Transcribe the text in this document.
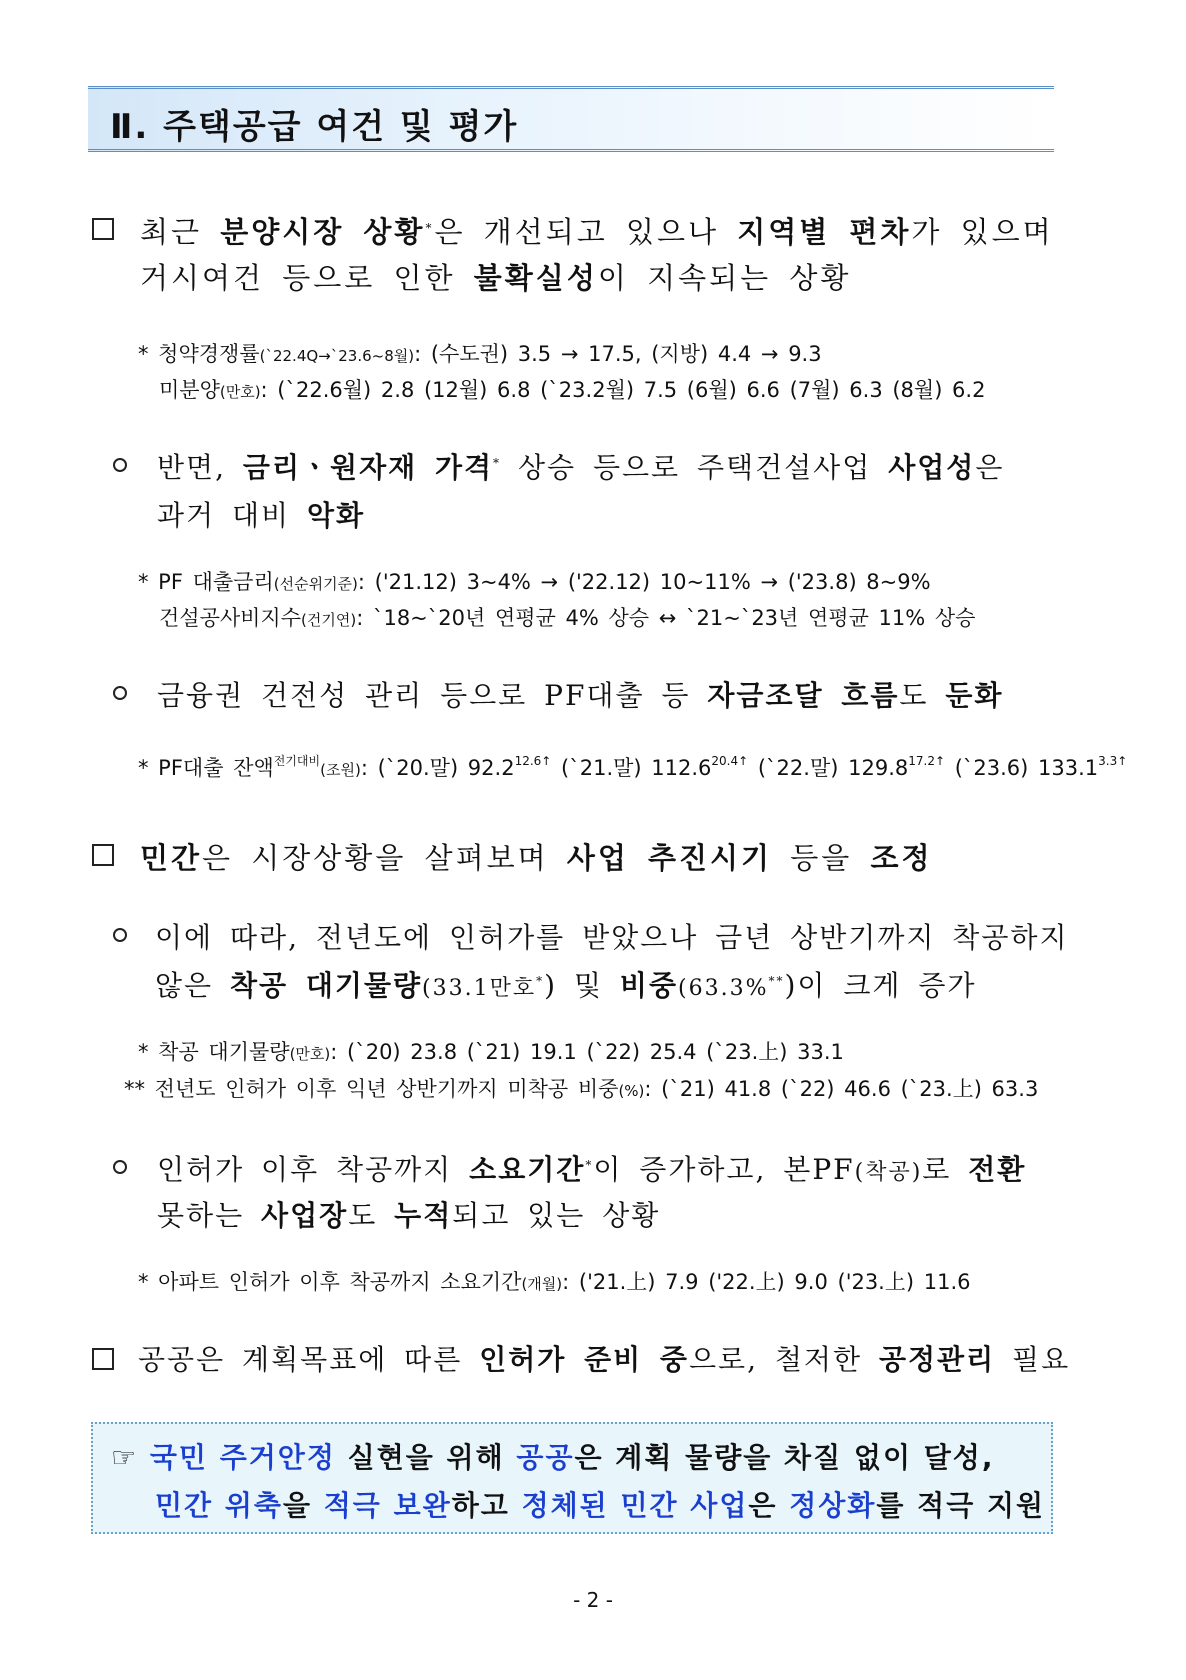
Ⅱ. 주택공급 여건 및 평가
최근 분양시장 상황*은 개선되고 있으나 지역별 편차가 있으며
거시여건 등으로 인한 불확실성이 지속되는 상황
* 청약경쟁률(`22.4Q→`23.6~8월): (수도권) 3.5 → 17.5, (지방) 4.4 → 9.3
미분양(만호): (`22.6월) 2.8 (12월) 6.8 (`23.2월) 7.5 (6월) 6.6 (7월) 6.3 (8월) 6.2
반면, 금리ㆍ원자재 가격* 상승 등으로 주택건설사업 사업성은
과거 대비 악화
* PF 대출금리(선순위기준): ('21.12) 3~4% → ('22.12) 10~11% → ('23.8) 8~9%
건설공사비지수(건기연): `18~`20년 연평균 4% 상승 ↔ `21~`23년 연평균 11% 상승
금융권 건전성 관리 등으로 PF대출 등 자금조달 흐름도 둔화
* PF대출 잔액$^{전기대비}$(조원): (`20.말) $92.2^{12.6↑}$ (`21.말) $112.6^{20.4↑}$ (`22.말) $129.8^{17.2↑}$ (`23.6) $133.1^{3.3↑}$
민간은 시장상황을 살펴보며 사업 추진시기 등을 조정
이에 따라, 전년도에 인허가를 받았으나 금년 상반기까지 착공하지
않은 착공 대기물량(33.1만호*) 및 비중(63.3%**)이 크게 증가
* 착공 대기물량(만호): (`20) 23.8 (`21) 19.1 (`22) 25.4 (`23.上) 33.1
** 전년도 인허가 이후 익년 상반기까지 미착공 비중(%): (`21) 41.8 (`22) 46.6 (`23.上) 63.3
인허가 이후 착공까지 소요기간*이 증가하고, 본PF(착공)로 전환
못하는 사업장도 누적되고 있는 상황
* 아파트 인허가 이후 착공까지 소요기간(개월): ('21.上) 7.9 ('22.上) 9.0 ('23.上) 11.6
공공은 계획목표에 따른 인허가 준비 중으로, 철저한 공정관리 필요
☞ 국민 주거안정 실현을 위해 공공은 계획 물량을 차질 없이 달성,
민간 위축을 적극 보완하고 정체된 민간 사업은 정상화를 적극 지원
- 2 -
